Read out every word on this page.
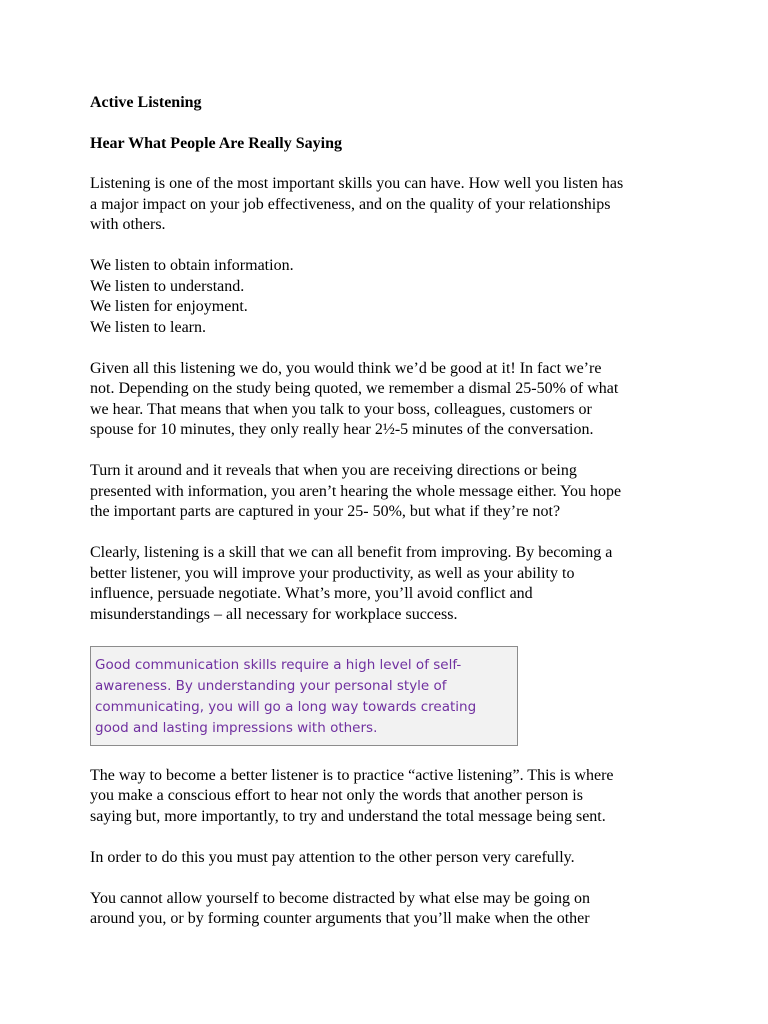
Active Listening
Hear What People Are Really Saying
Listening is one of the most important skills you can have. How well you listen has
a major impact on your job effectiveness, and on the quality of your relationships
with others.
We listen to obtain information.
We listen to understand.
We listen for enjoyment.
We listen to learn.
Given all this listening we do, you would think we’d be good at it! In fact we’re
not. Depending on the study being quoted, we remember a dismal 25-50% of what
we hear. That means that when you talk to your boss, colleagues, customers or
spouse for 10 minutes, they only really hear 2½-5 minutes of the conversation.
Turn it around and it reveals that when you are receiving directions or being
presented with information, you aren’t hearing the whole message either. You hope
the important parts are captured in your 25- 50%, but what if they’re not?
Clearly, listening is a skill that we can all benefit from improving. By becoming a
better listener, you will improve your productivity, as well as your ability to
influence, persuade negotiate. What’s more, you’ll avoid conflict and
misunderstandings – all necessary for workplace success.
Good communication skills require a high level of self-
awareness. By understanding your personal style of
communicating, you will go a long way towards creating
good and lasting impressions with others.
The way to become a better listener is to practice “active listening”. This is where
you make a conscious effort to hear not only the words that another person is
saying but, more importantly, to try and understand the total message being sent.
In order to do this you must pay attention to the other person very carefully.
You cannot allow yourself to become distracted by what else may be going on
around you, or by forming counter arguments that you’ll make when the other
